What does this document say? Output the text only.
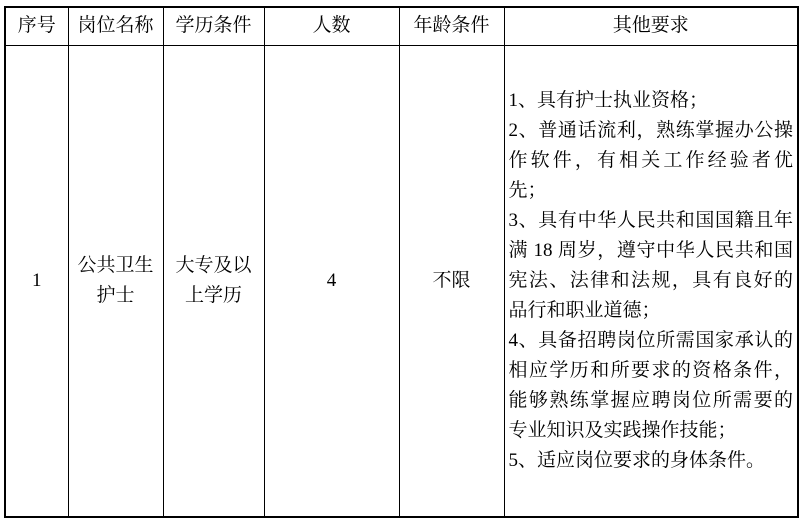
序号	岗位名称	学历条件	人数	年龄条件	其他要求
1	公共卫生护士	大专及以上学历	4	不限	1、具有护士执业资格；

2、普通话流利，熟练掌握办公操作软件，有相关工作经验者优先；

3、具有中华人民共和国国籍且年满 18 周岁，遵守中华人民共和国宪法、法律和法规，具有良好的品行和职业道德；

4、具备招聘岗位所需国家承认的相应学历和所要求的资格条件，能够熟练掌握应聘岗位所需要的专业知识及实践操作技能；

5、适应岗位要求的身体条件。
